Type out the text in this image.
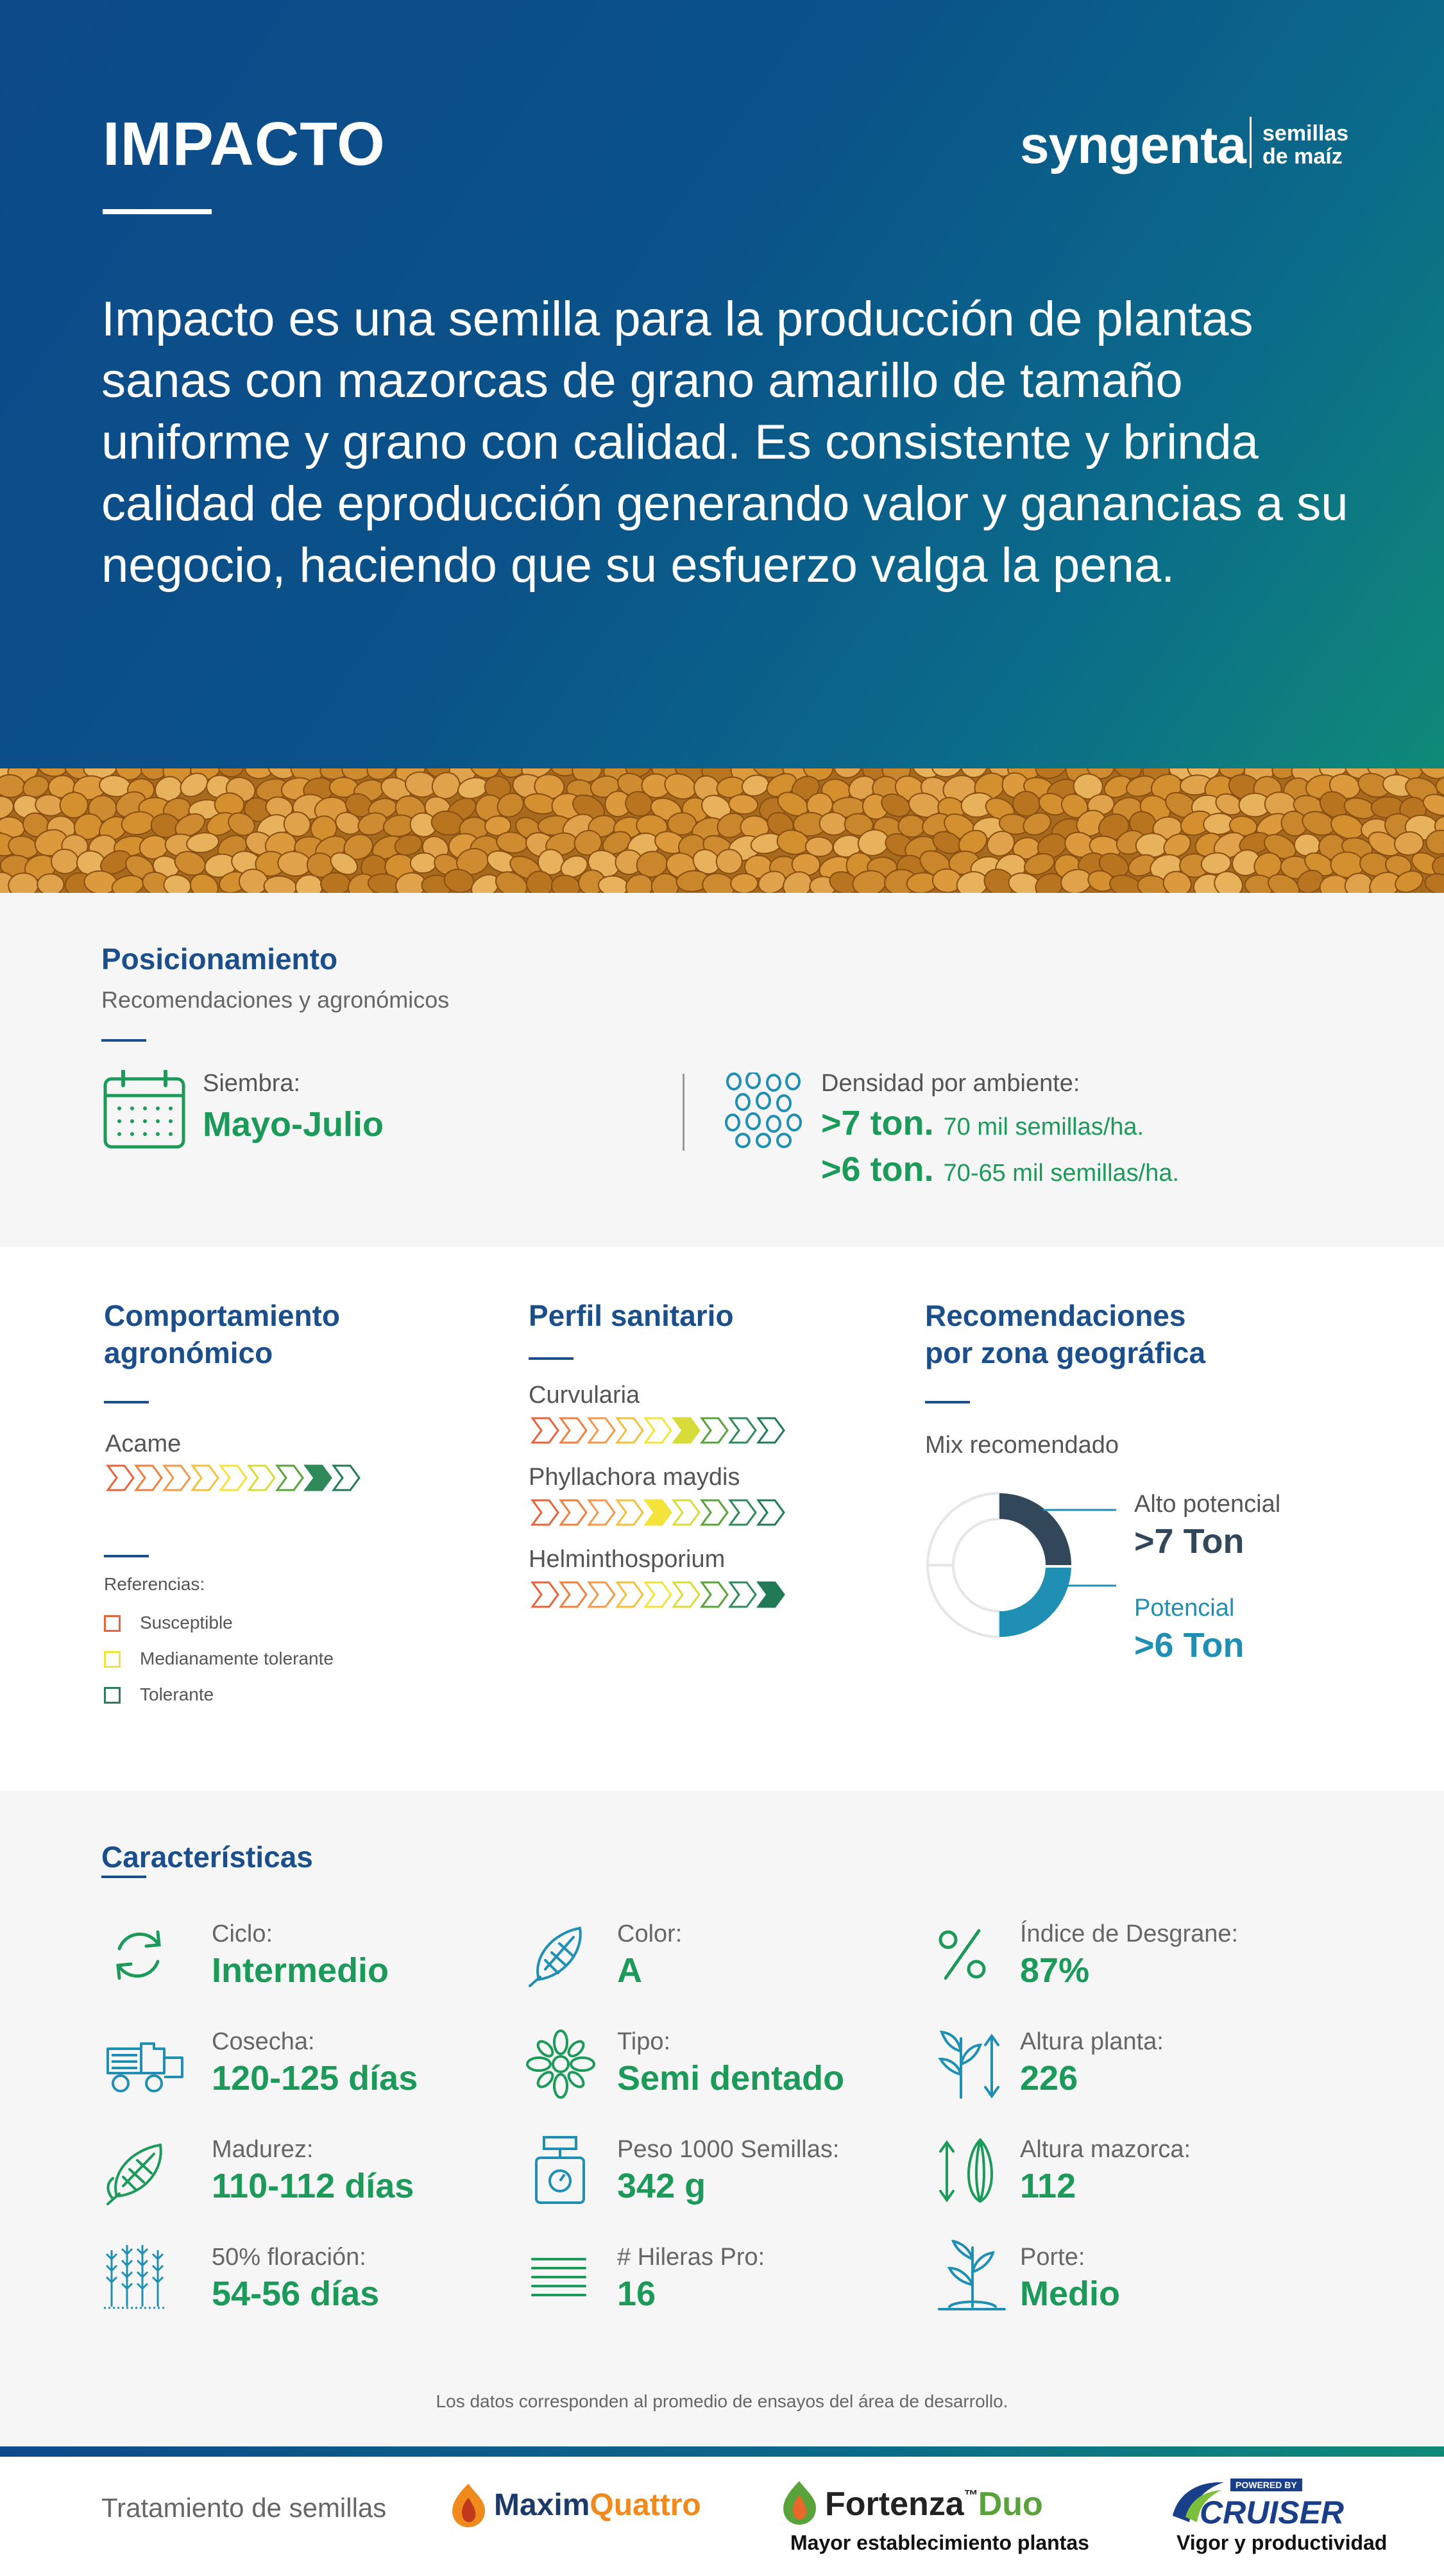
IMPACTO	syngenta semillas de maíz
Impacto es una semilla para la producción de plantas sanas con mazorcas de grano amarillo de tamaño uniforme y grano con calidad. Es consistente y brinda calidad de eproducción generando valor y ganancias a su negocio, haciendo que su esfuerzo valga la pena.
Posicionamiento
Recomendaciones y agronómicos
Siembra:
Mayo-Julio
Densidad por ambiente:
>7 ton. 70 mil semillas/ha.
>6 ton. 70-65 mil semillas/ha.
Comportamiento
agronómico
Acame
Referencias:
Susceptible
Medianamente tolerante
Tolerante
Perfil sanitario
Curvularia
Phyllachora maydis
Helminthosporium
Recomendaciones
por zona geográfica
Mix recomendado
Alto potencial
>7 Ton
Potencial
>6 Ton
Características
Ciclo:
Intermedio
Color:
A
Índice de Desgrane:
87%
Cosecha:
120-125 días
Tipo:
Semi dentado
Altura planta:
226
Madurez:
110-112 días
Peso 1000 Semillas:
342 g
Altura mazorca:
112
50% floración:
54-56 días
# Hileras Pro:
16
Porte:
Medio
Los datos corresponden al promedio de ensayos del área de desarrollo.
Tratamiento de semillas	MaximQuattro	Fortenza™Duo
Mayor establecimiento plantas
POWERED BY
CRUISER
Vigor y productividad
